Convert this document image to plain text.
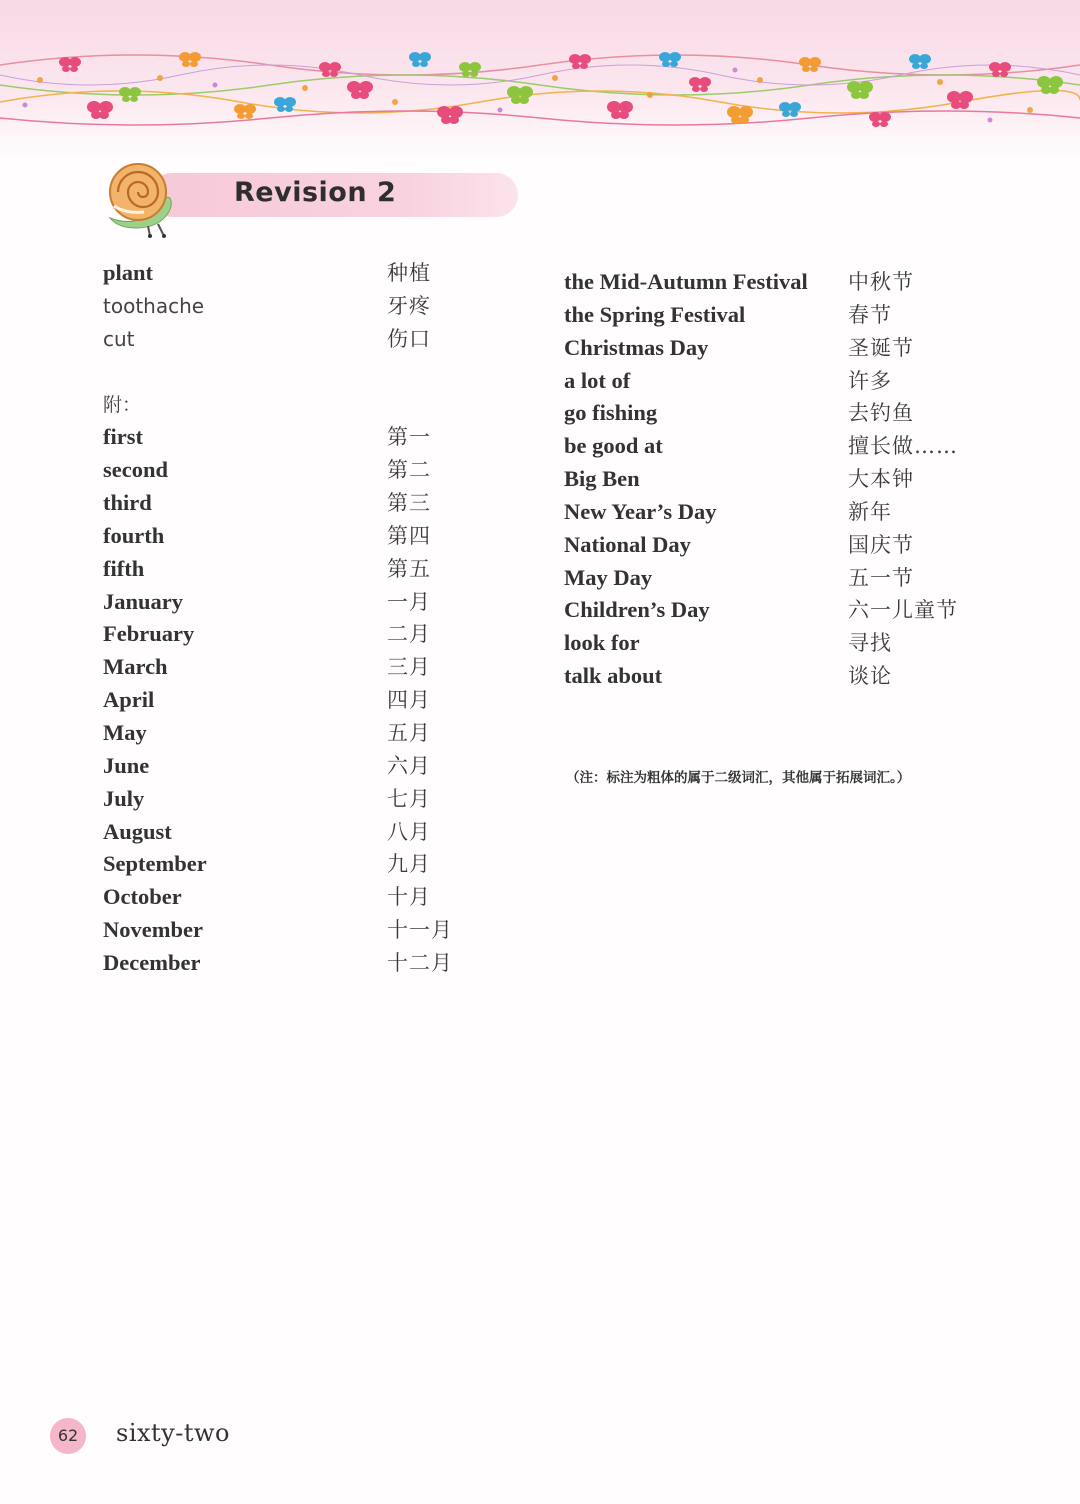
Revision 2
plant	种植
toothache	牙疼
cut	伤口
附：
first	第一
second	第二
third	第三
fourth	第四
fifth	第五
January	一月
February	二月
March	三月
April	四月
May	五月
June	六月
July	七月
August	八月
September	九月
October	十月
November	十一月
December	十二月
the Mid-Autumn Festival 中秋节
the Spring Festival	春节
Christmas Day	圣诞节
a lot of	许多
go fishing	去钓鱼
be good at	擅长做……
Big Ben	大本钟
New Year’s Day	新年
National Day	国庆节
May Day	五一节
Children’s Day	六一儿童节
look for	寻找
talk about	谈论
（注：标注为粗体的属于二级词汇，其他属于拓展词汇。）
62	sixty-two
